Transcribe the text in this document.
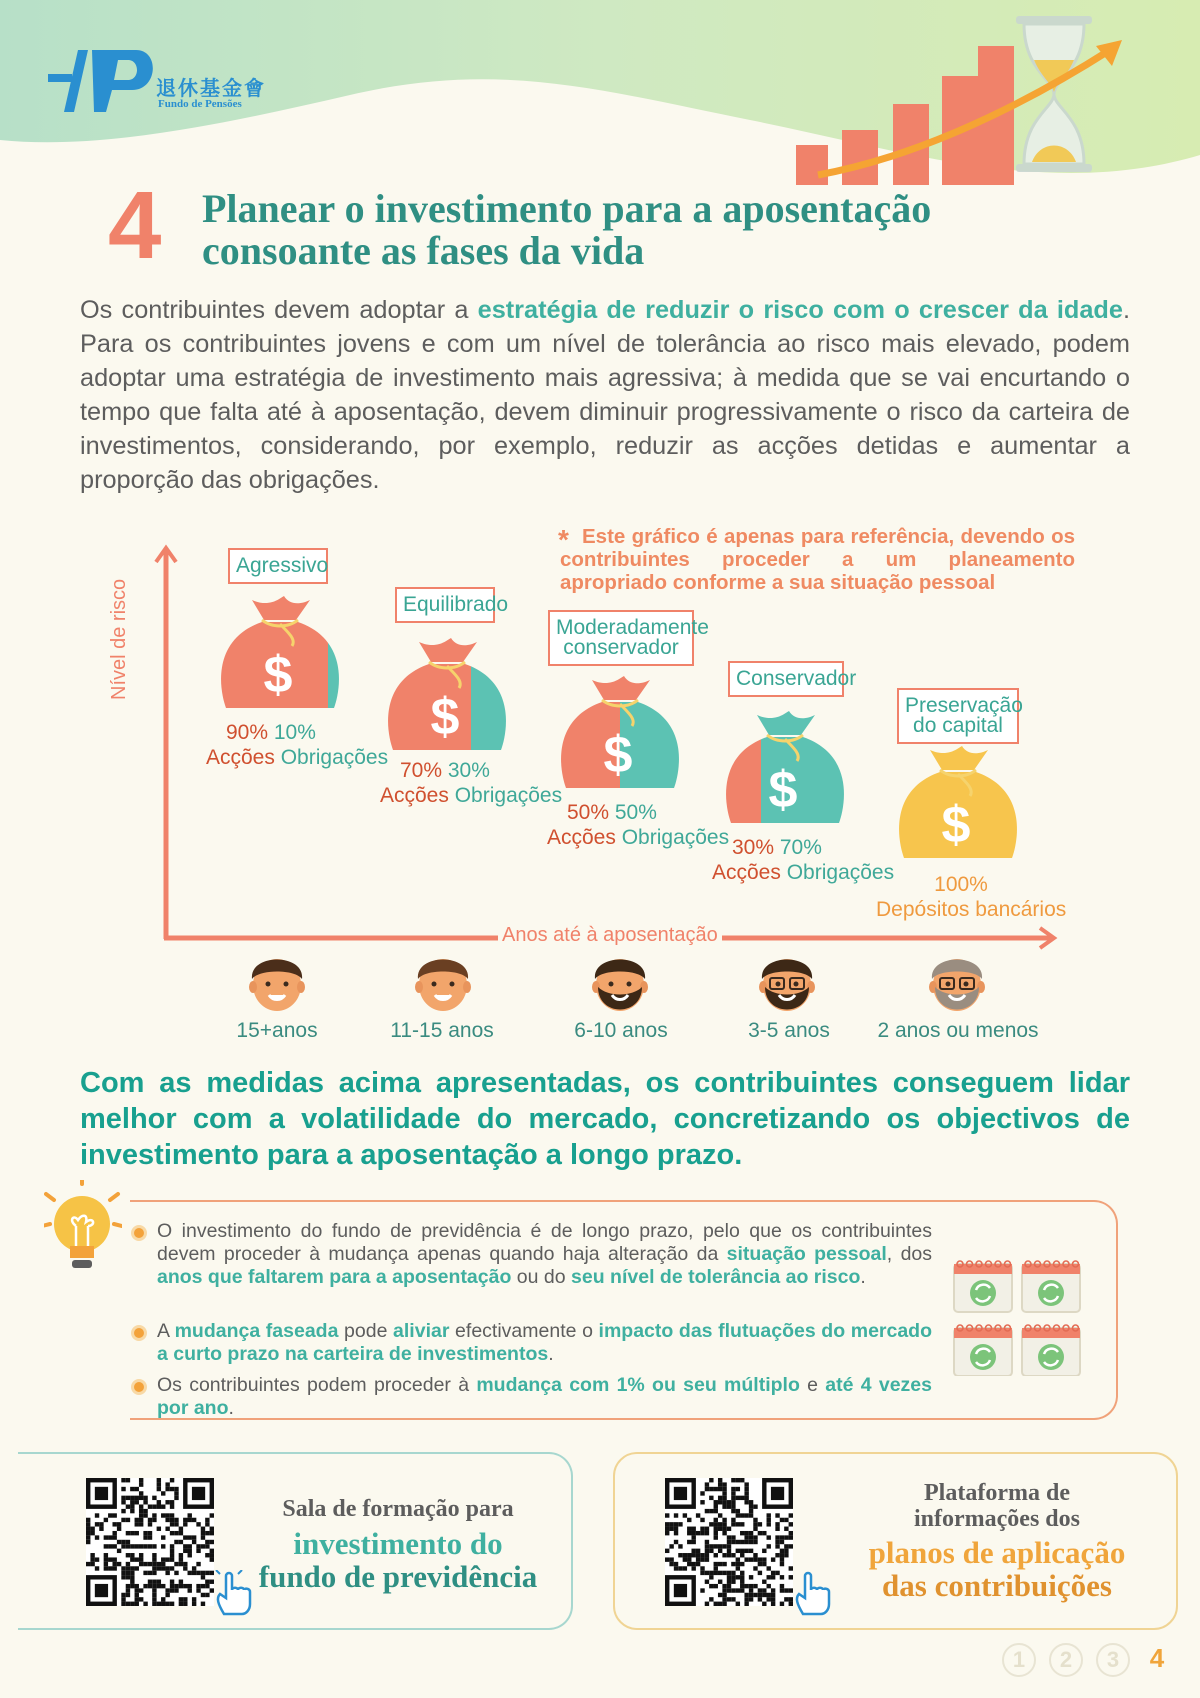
退休基金會
Fundo de Pensões
4 Planear o investimento para a aposentação
consoante as fases da vida
Os contribuintes devem adoptar a estratégia de reduzir o risco com o crescer da idade. Para os contribuintes jovens e com um nível de tolerância ao risco mais elevado, podem adoptar uma estratégia de investimento mais agressiva; à medida que se vai encurtando o tempo que falta até à aposentação, devem diminuir progressivamente o risco da carteira de investimentos, considerando, por exemplo, reduzir as acções detidas e aumentar a proporção das obrigações.
$
$
$
$
$
* Este gráfico é apenas para referência, devendo os contribuintes proceder a um planeamento apropriado conforme a sua situação pessoal
Nível de risco
Anos até à aposentação
Agressivo
Equilibrado
Moderadamente conservador
Conservador
Preservação do capital
90% 10%
Acções Obrigações
70% 30%
Acções Obrigações
50% 50%
Acções Obrigações 30% 70%
Acções Obrigações
100%
Depósitos bancários
15+anos	11-15 anos	6-10 anos	3-5 anos	2 anos ou menos
Com as medidas acima apresentadas, os contribuintes conseguem lidar melhor com a volatilidade do mercado, concretizando os objectivos de investimento para a aposentação a longo prazo.
O investimento do fundo de previdência é de longo prazo, pelo que os contribuintes devem proceder à mudança apenas quando haja alteração da situação pessoal, dos anos que faltarem para a aposentação ou do seu nível de tolerância ao risco.
A mudança faseada pode aliviar efectivamente o impacto das flutuações do mercado a curto prazo na carteira de investimentos.
Os contribuintes podem proceder à mudança com 1% ou seu múltiplo e até 4 vezes por ano.
Sala de formação para
investimento do
fundo de previdência
Plataforma de
informações dos
planos de aplicação
das contribuições
1	2	3	4
